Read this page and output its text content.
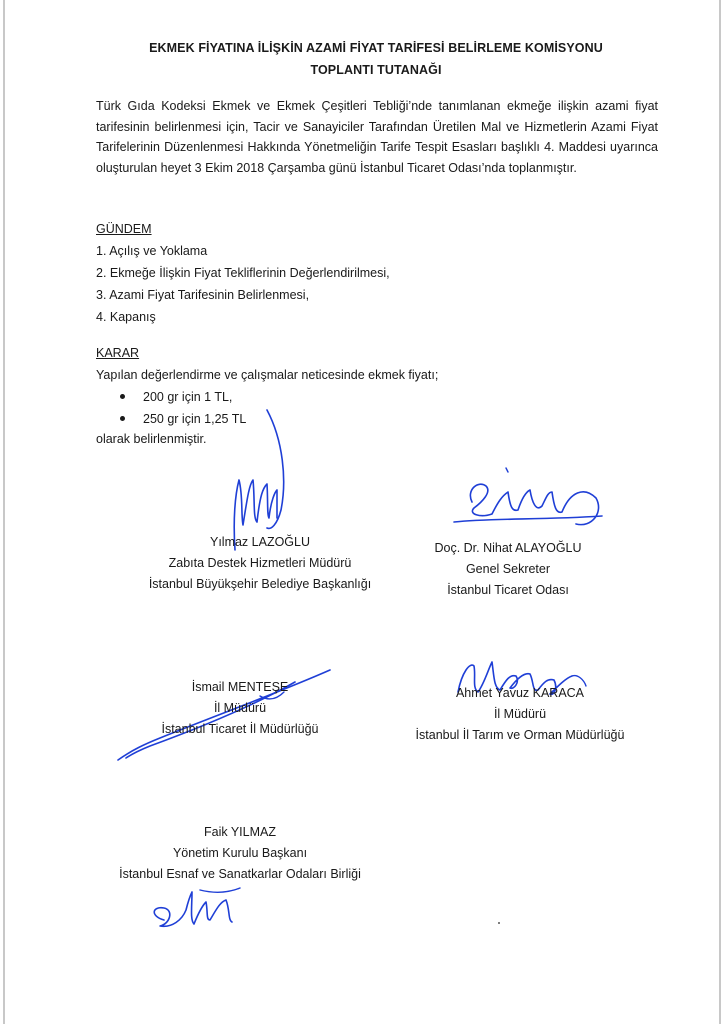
EKMEK FİYATINA İLİŞKİN AZAMİ FİYAT TARİFESİ BELİRLEME KOMİSYONU
TOPLANTI TUTANAĞI
Türk Gıda Kodeksi Ekmek ve Ekmek Çeşitleri Tebliği’nde tanımlanan ekmeğe ilişkin azami fiyat tarifesinin belirlenmesi için, Tacir ve Sanayiciler Tarafından Üretilen Mal ve Hizmetlerin Azami Fiyat Tarifelerinin Düzenlenmesi Hakkında Yönetmeliğin Tarife Tespit Esasları başlıklı 4. Maddesi uyarınca oluşturulan heyet 3 Ekim 2018 Çarşamba günü İstanbul Ticaret Odası’nda toplanmıştır.
GÜNDEM
1. Açılış ve Yoklama
2. Ekmeğe İlişkin Fiyat Tekliflerinin Değerlendirilmesi,
3. Azami Fiyat Tarifesinin Belirlenmesi,
4. Kapanış
KARAR
Yapılan değerlendirme ve çalışmalar neticesinde ekmek fiyatı;
200 gr için 1 TL,
250 gr için 1,25 TL
olarak belirlenmiştir.
Yılmaz LAZOĞLU
Zabıta Destek Hizmetleri Müdürü
İstanbul Büyükşehir Belediye Başkanlığı
Doç. Dr. Nihat ALAYOĞLU
Genel Sekreter
İstanbul Ticaret Odası
İsmail MENTEŞE
İl Müdürü
İstanbul Ticaret İl Müdürlüğü
Ahmet Yavuz KARACA
İl Müdürü
İstanbul İl Tarım ve Orman Müdürlüğü
Faik YILMAZ
Yönetim Kurulu Başkanı
İstanbul Esnaf ve Sanatkarlar Odaları Birliği
